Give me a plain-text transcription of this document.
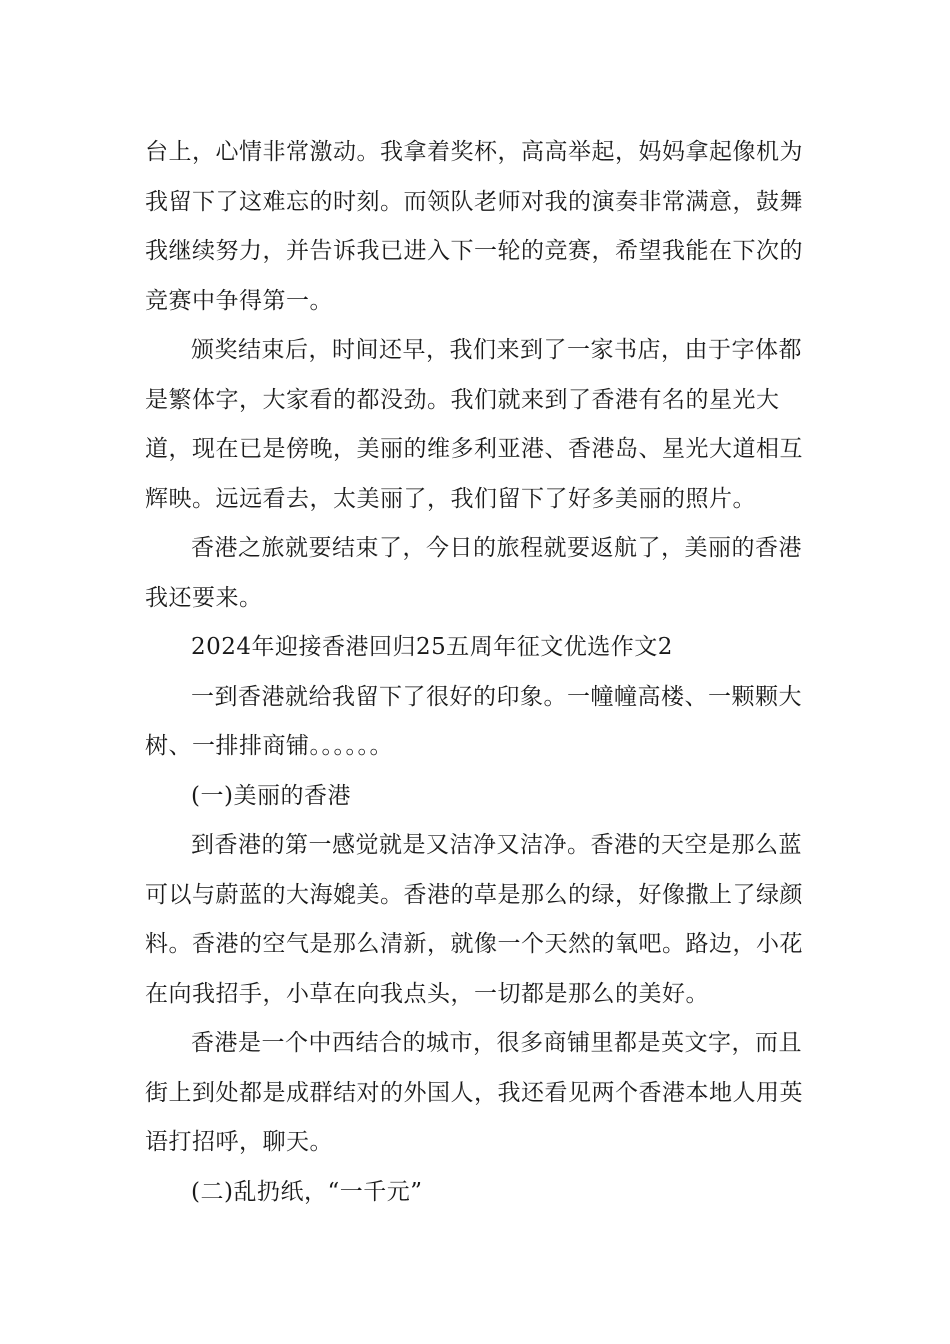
台上，心情非常激动。我拿着奖杯，高高举起，妈妈拿起像机为我留下了这难忘的时刻。而领队老师对我的演奏非常满意，鼓舞我继续努力，并告诉我已进入下一轮的竞赛，希望我能在下次的竞赛中争得第一。

颁奖结束后，时间还早，我们来到了一家书店，由于字体都是繁体字，大家看的都没劲。我们就来到了香港有名的星光大道，现在已是傍晚，美丽的维多利亚港、香港岛、星光大道相互辉映。远远看去，太美丽了，我们留下了好多美丽的照片。

香港之旅就要结束了，今日的旅程就要返航了，美丽的香港我还要来。

2024年迎接香港回归25五周年征文优选作文2

一到香港就给我留下了很好的印象。一幢幢高楼、一颗颗大树、一排排商铺。。。。。。

(一)美丽的香港

到香港的第一感觉就是又洁净又洁净。香港的天空是那么蓝可以与蔚蓝的大海媲美。香港的草是那么的绿，好像撒上了绿颜料。香港的空气是那么清新，就像一个天然的氧吧。路边，小花在向我招手，小草在向我点头，一切都是那么的美好。

香港是一个中西结合的城市，很多商铺里都是英文字，而且街上到处都是成群结对的外国人，我还看见两个香港本地人用英语打招呼，聊天。

(二)乱扔纸，“一千元”
